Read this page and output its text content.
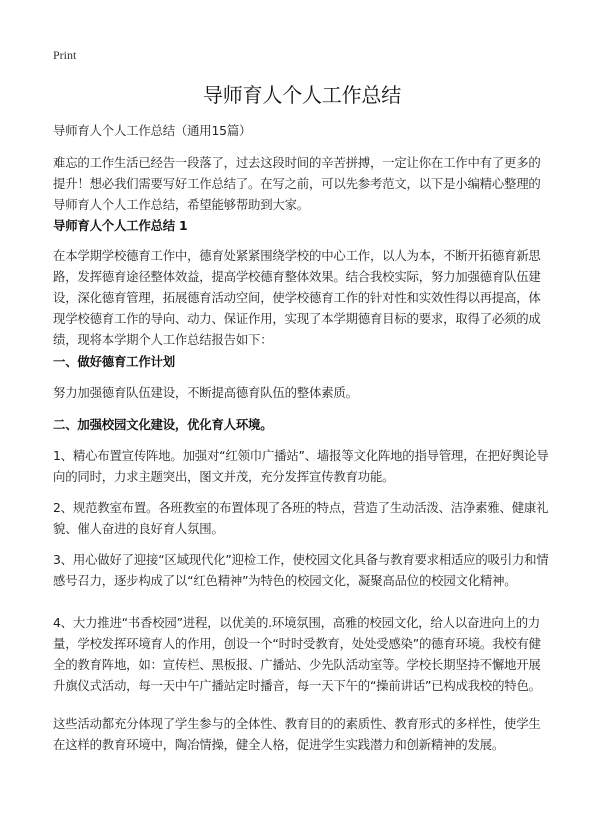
Print
导师育人个人工作总结

导师育人个人工作总结（通用15篇）

难忘的工作生活已经告一段落了，过去这段时间的辛苦拼搏，一定让你在工作中有了更多的提升！想必我们需要写好工作总结了。在写之前，可以先参考范文，以下是小编精心整理的导师育人个人工作总结，希望能够帮助到大家。

导师育人个人工作总结 1

在本学期学校德育工作中，德育处紧紧围绕学校的中心工作，以人为本，不断开拓德育新思路，发挥德育途径整体效益，提高学校德育整体效果。结合我校实际，努力加强德育队伍建设，深化德育管理，拓展德育活动空间，使学校德育工作的针对性和实效性得以再提高，体现学校德育工作的导向、动力、保证作用，实现了本学期德育目标的要求，取得了必须的成绩，现将本学期个人工作总结报告如下：

一、做好德育工作计划

努力加强德育队伍建设，不断提高德育队伍的整体素质。

二、加强校园文化建设，优化育人环境。

1、精心布置宣传阵地。加强对“红领巾广播站”、墙报等文化阵地的指导管理，在把好舆论导向的同时，力求主题突出，图文并茂，充分发挥宣传教育功能。

2、规范教室布置。各班教室的布置体现了各班的特点，营造了生动活泼、洁净素雅、健康礼貌、催人奋进的良好育人氛围。

3、用心做好了迎接“区域现代化”迎检工作，使校园文化具备与教育要求相适应的吸引力和情感号召力，逐步构成了以“红色精神”为特色的校园文化，凝聚高品位的校园文化精神。

4、大力推进“书香校园”进程，以优美的.环境氛围，高雅的校园文化，给人以奋进向上的力量，学校发挥环境育人的作用，创设一个“时时受教育，处处受感染”的德育环境。我校有健全的教育阵地，如：宣传栏、黑板报、广播站、少先队活动室等。学校长期坚持不懈地开展升旗仪式活动，每一天中午广播站定时播音，每一天下午的“操前讲话”已构成我校的特色。

这些活动都充分体现了学生参与的全体性、教育目的的素质性、教育形式的多样性，使学生在这样的教育环境中，陶冶情操，健全人格，促进学生实践潜力和创新精神的发展。
